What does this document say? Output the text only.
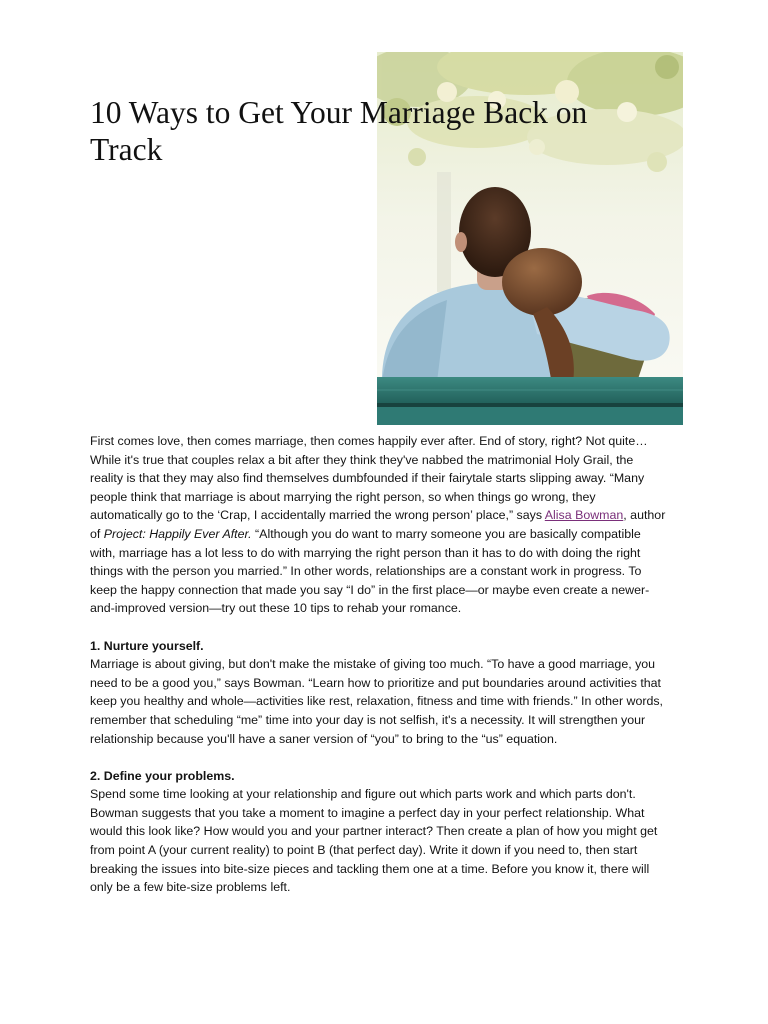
10 Ways to Get Your Marriage Back on Track

First comes love, then comes marriage, then comes happily ever after. End of story, right? Not quite…
While it's true that couples relax a bit after they think they've nabbed the matrimonial Holy Grail, the
reality is that they may also find themselves dumbfounded if their fairytale starts slipping away. “Many
people think that marriage is about marrying the right person, so when things go wrong, they
automatically go to the ‘Crap, I accidentally married the wrong person’ place,” says Alisa Bowman, author
of Project: Happily Ever After. “Although you do want to marry someone you are basically compatible
with, marriage has a lot less to do with marrying the right person than it has to do with doing the right
things with the person you married.” In other words, relationships are a constant work in progress. To
keep the happy connection that made you say “I do” in the first place—or maybe even create a newer-
and-improved version—try out these 10 tips to rehab your romance.

1. Nurture yourself.

Marriage is about giving, but don't make the mistake of giving too much. “To have a good marriage, you
need to be a good you,” says Bowman. “Learn how to prioritize and put boundaries around activities that
keep you healthy and whole—activities like rest, relaxation, fitness and time with friends.” In other words,
remember that scheduling “me” time into your day is not selfish, it's a necessity. It will strengthen your
relationship because you'll have a saner version of “you” to bring to the “us” equation.

2. Define your problems.

Spend some time looking at your relationship and figure out which parts work and which parts don't.
Bowman suggests that you take a moment to imagine a perfect day in your perfect relationship. What
would this look like? How would you and your partner interact? Then create a plan of how you might get
from point A (your current reality) to point B (that perfect day). Write it down if you need to, then start
breaking the issues into bite-size pieces and tackling them one at a time. Before you know it, there will
only be a few bite-size problems left.
